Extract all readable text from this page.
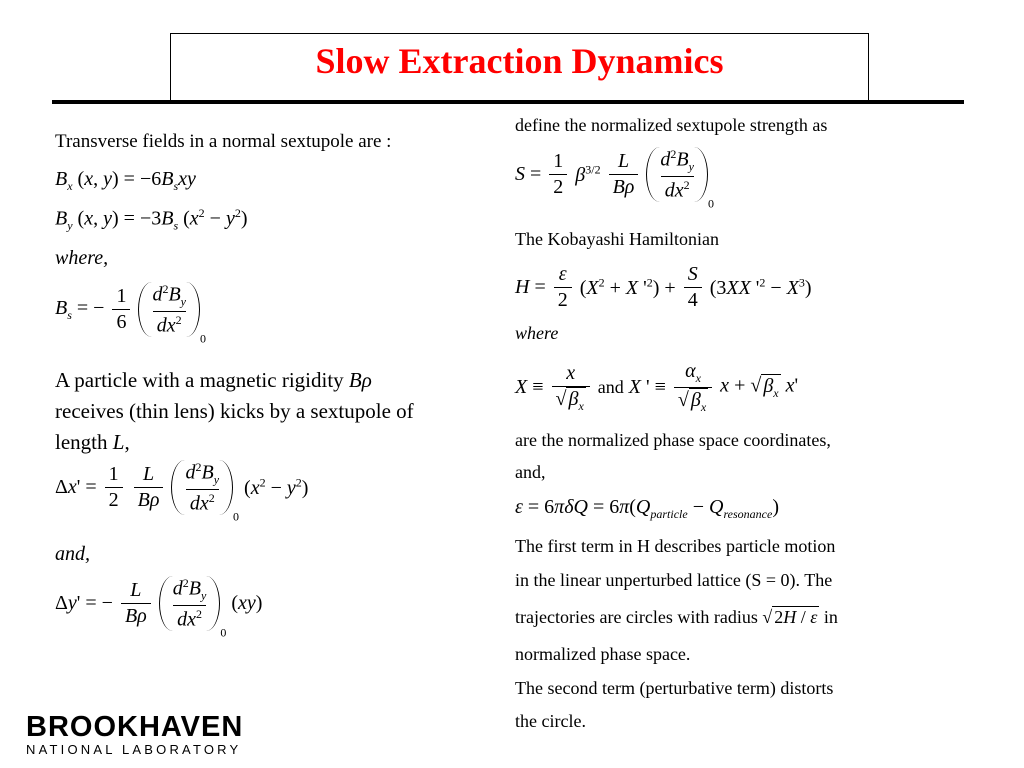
Slow Extraction Dynamics
Transverse fields in a normal sextupole are :
$B_x$ (x, $y) = -6B_sxy$
$B_y$ (x, $y) = -3B_s$ $(x^2 - y^2)$
where,
$B_s$ = − $\frac{1}{6}$
$\frac{d^2B_y}{dx^2}$
$_0$
A particle with a magnetic rigidity Bρ
receives (thin lens) kicks by a sextupole of
length L,
$\Delta x' = \frac{1}{2}$
$\frac{L}{B\rho}$
$\frac{d^2B_y}{dx^2}$
$_0$ $(x^2 - y^2)$
and,
Δy' = − $\frac{L}{B\rho}$
$\frac{d^2B_y}{dx^2}$
$_0$ (xy)
define the normalized sextupole strength as
$S = \frac{1}{2} \beta^{3/2} \frac{L}{B\rho}$
$\frac{d^2B_y}{dx^2}$
$_0$
The Kobayashi Hamiltonian
$H = \frac{\varepsilon}{2} (X^2 + X$ '$^2) + \frac{S}{4} (3XX$ '$^2 - X^3$)
where
$X \equiv \frac{x}{√ \beta_x}$ and X ' ≡ $\frac{\alpha_x}{√ \beta_x}$ x + √ $\beta_x$ x'
are the normalized phase space coordinates,
and,
$\varepsilon = 6\pi\delta Q = 6\pi(Q_{particle} - Q_{resonance})$
The first term in H describes particle motion
in the linear unperturbed lattice (S = 0). The
trajectories are circles with radius √ 2H / ε in
normalized phase space.
The second term (perturbative term) distorts
the circle.
BROOKHAVEN
NATIONAL LABORATORY
